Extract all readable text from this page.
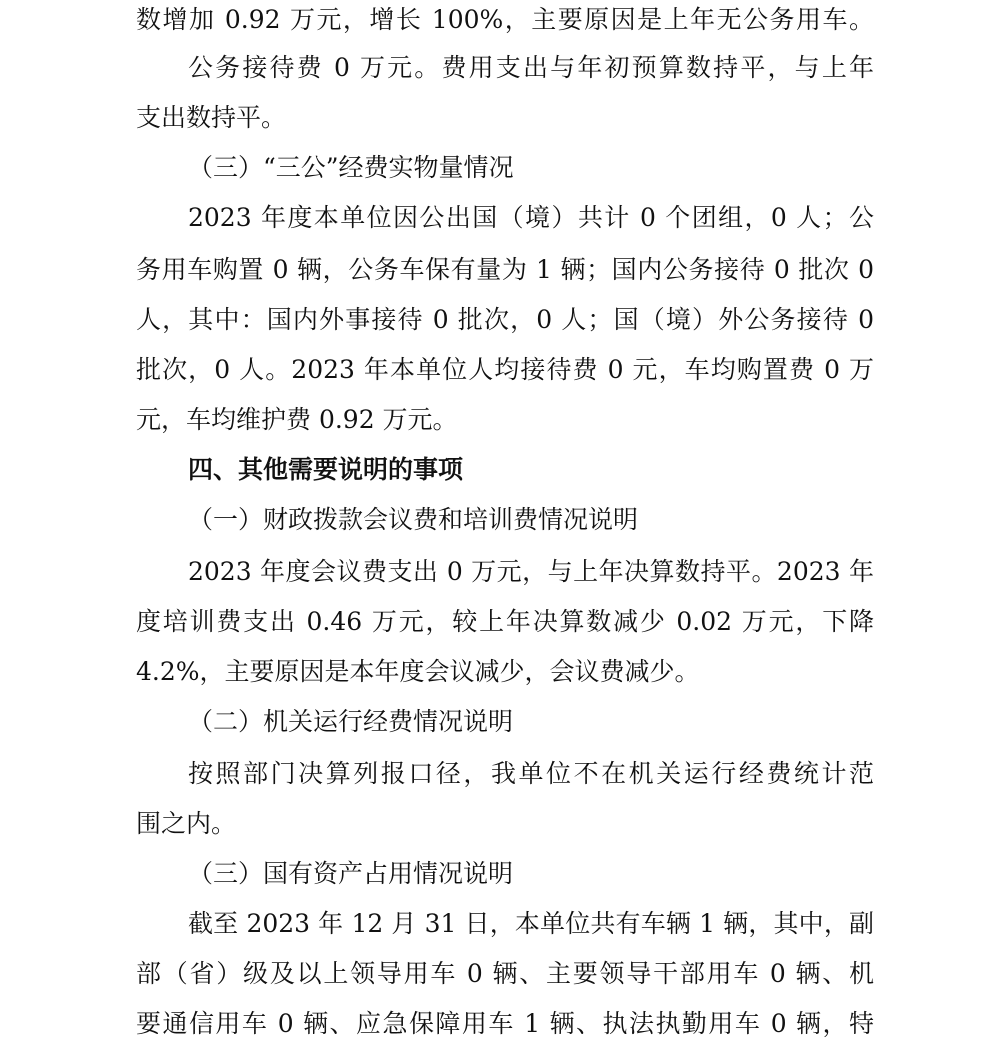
数增加 0.92 万元，增长 100%，主要原因是上年无公务用车。
公务接待费 0 万元。费用支出与年初预算数持平，与上年
支出数持平。
（三）“三公”经费实物量情况
2023 年度本单位因公出国（境）共计 0 个团组，0 人；公
务用车购置 0 辆，公务车保有量为 1 辆；国内公务接待 0 批次 0
人，其中：国内外事接待 0 批次，0 人；国（境）外公务接待 0
批次，0 人。2023 年本单位人均接待费 0 元，车均购置费 0 万
元，车均维护费 0.92 万元。
四、其他需要说明的事项
（一）财政拨款会议费和培训费情况说明
2023 年度会议费支出 0 万元，与上年决算数持平。2023 年
度培训费支出 0.46 万元，较上年决算数减少 0.02 万元，下降
4.2%，主要原因是本年度会议减少，会议费减少。
（二）机关运行经费情况说明
按照部门决算列报口径，我单位不在机关运行经费统计范
围之内。
（三）国有资产占用情况说明
截至 2023 年 12 月 31 日，本单位共有车辆 1 辆，其中，副
部（省）级及以上领导用车 0 辆、主要领导干部用车 0 辆、机
要通信用车 0 辆、应急保障用车 1 辆、执法执勤用车 0 辆，特
